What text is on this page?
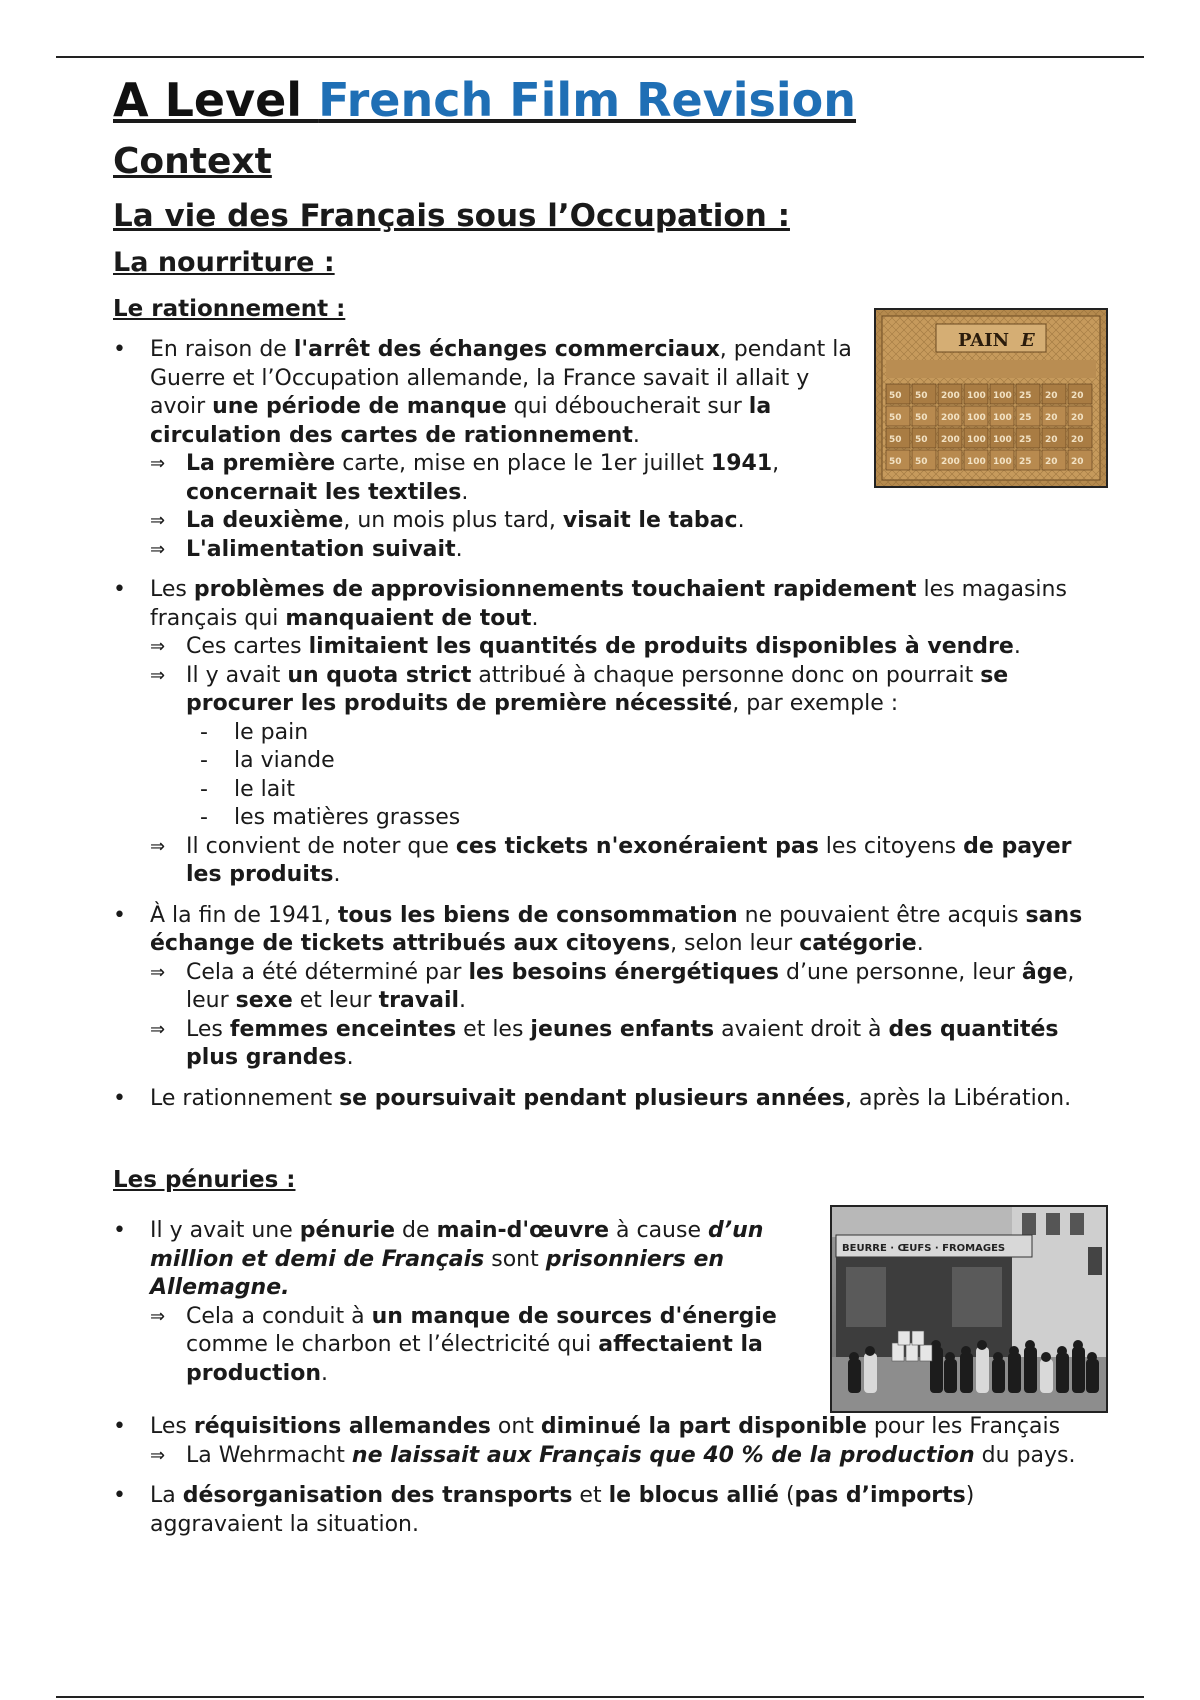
A Level French Film Revision
Context
La vie des Français sous l’Occupation :
La nourriture :
Le rationnement :
PAIN E
50 50 200 100 100 25 20 20
50 50 200 100 100 25 20 20
50 50 200 100 100 25 20 20
50 50 200 100 100 25 20 20
• En raison de l'arrêt des échanges commerciaux, pendant la Guerre et l’Occupation allemande, la France savait il allait y avoir une période de manque qui déboucherait sur la circulation des cartes de rationnement.
⇒ La première carte, mise en place le 1er juillet 1941, concernait les textiles.
⇒ La deuxième, un mois plus tard, visait le tabac.
⇒ L'alimentation suivait.
• Les problèmes de approvisionnements touchaient rapidement les magasins français qui manquaient de tout.
⇒ Ces cartes limitaient les quantités de produits disponibles à vendre.
⇒ Il y avait un quota strict attribué à chaque personne donc on pourrait se procurer les produits de première nécessité, par exemple :
- le pain
- la viande
- le lait
- les matières grasses
⇒ Il convient de noter que ces tickets n'exonéraient pas les citoyens de payer les produits.
• À la fin de 1941, tous les biens de consommation ne pouvaient être acquis sans échange de tickets attribués aux citoyens, selon leur catégorie.
⇒ Cela a été déterminé par les besoins énergétiques d’une personne, leur âge, leur sexe et leur travail.
⇒ Les femmes enceintes et les jeunes enfants avaient droit à des quantités plus grandes.
• Le rationnement se poursuivait pendant plusieurs années, après la Libération.
Les pénuries :
BEURRE · ŒUFS · FROMAGES
• Il y avait une pénurie de main-d'œuvre à cause d’un million et demi de Français sont prisonniers en Allemagne.
⇒ Cela a conduit à un manque de sources d'énergie comme le charbon et l’électricité qui affectaient la production.
• Les réquisitions allemandes ont diminué la part disponible pour les Français
⇒ La Wehrmacht ne laissait aux Français que 40 % de la production du pays.
• La désorganisation des transports et le blocus allié (pas d’imports) aggravaient la situation.
